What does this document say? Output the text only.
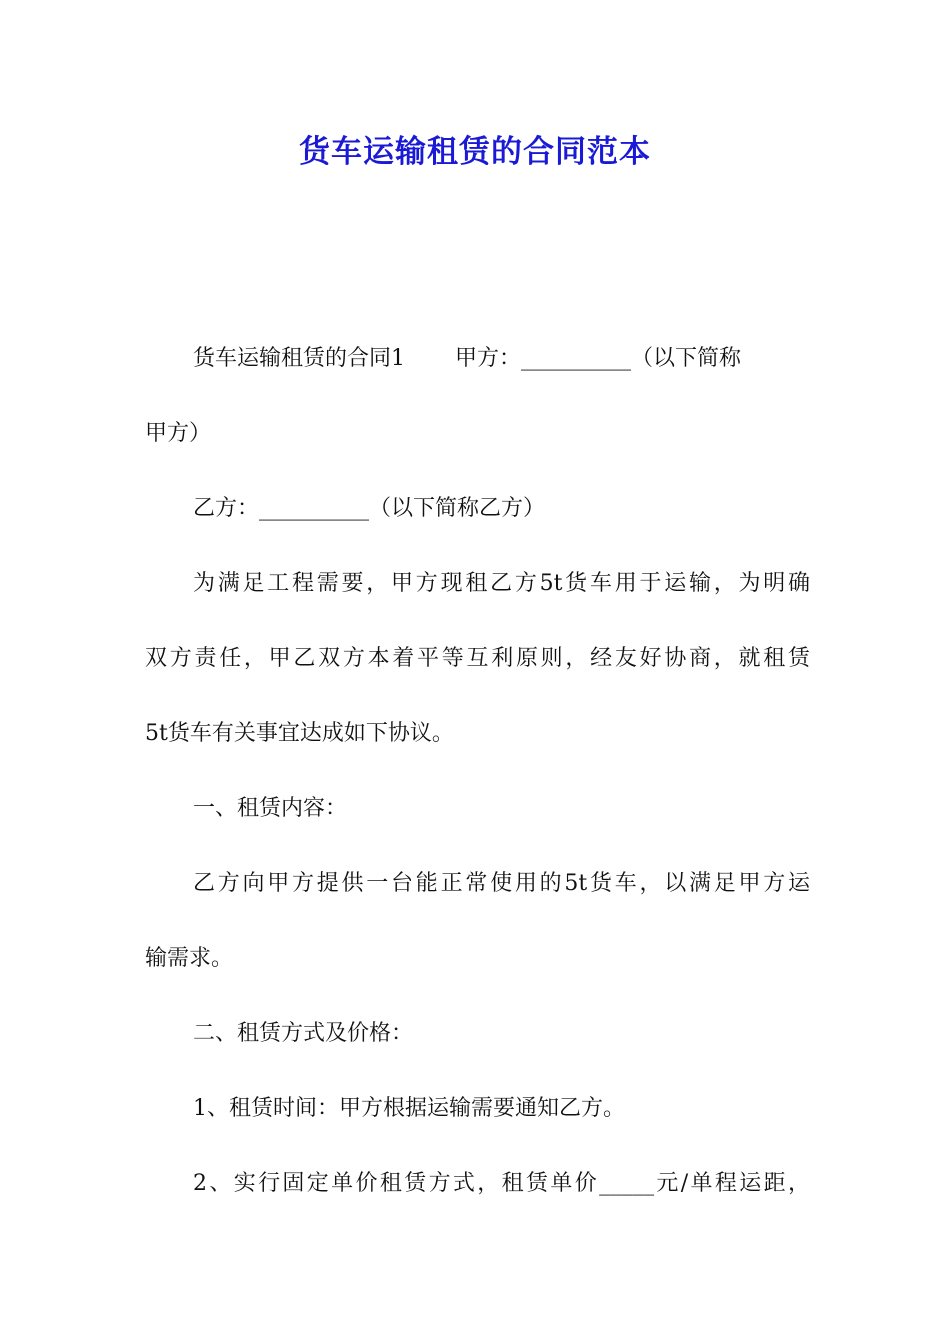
货车运输租赁的合同范本

货车运输租赁的合同1 甲方：__________（以下简称

甲方）

乙方：__________（以下简称乙方）

为满足工程需要，甲方现租乙方5t货车用于运输，为明确

双方责任，甲乙双方本着平等互利原则，经友好协商，就租赁

5t货车有关事宜达成如下协议。

一、租赁内容：

乙方向甲方提供一台能正常使用的5t货车，以满足甲方运

输需求。

二、租赁方式及价格：

1、租赁时间：甲方根据运输需要通知乙方。

2、实行固定单价租赁方式，租赁单价_____元/单程运距，
